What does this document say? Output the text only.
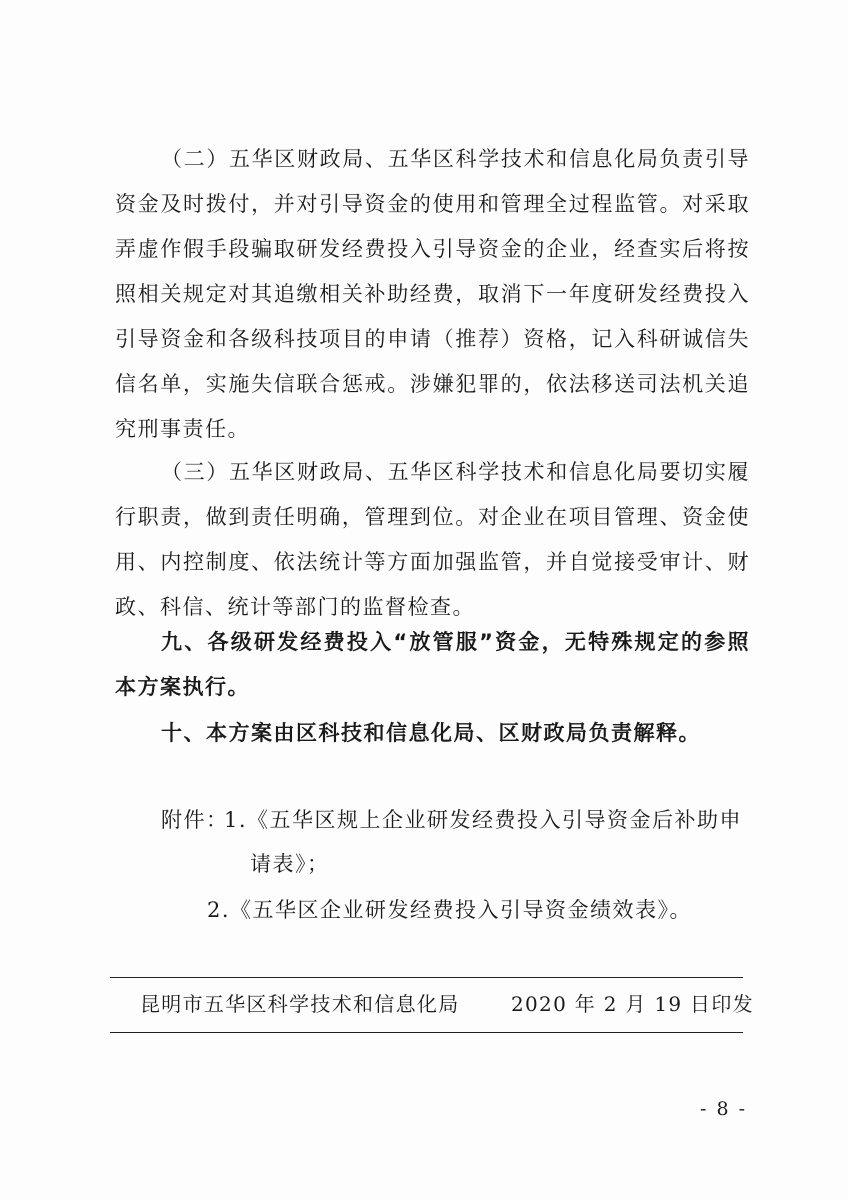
（二）五华区财政局、五华区科学技术和信息化局负责引导资金及时拨付，并对引导资金的使用和管理全过程监管。对采取弄虚作假手段骗取研发经费投入引导资金的企业，经查实后将按照相关规定对其追缴相关补助经费，取消下一年度研发经费投入引导资金和各级科技项目的申请（推荐）资格，记入科研诚信失信名单，实施失信联合惩戒。涉嫌犯罪的，依法移送司法机关追究刑事责任。

（三）五华区财政局、五华区科学技术和信息化局要切实履行职责，做到责任明确，管理到位。对企业在项目管理、资金使用、内控制度、依法统计等方面加强监管，并自觉接受审计、财政、科信、统计等部门的监督检查。

九、各级研发经费投入“放管服”资金，无特殊规定的参照本方案执行。

十、本方案由区科技和信息化局、区财政局负责解释。

附件：
1.《五华区规上企业研发经费投入引导资金后补助申
请表》；
2.《五华区企业研发经费投入引导资金绩效表》。
昆明市五华区科学技术和信息化局	2020 年 2 月 19 日印发
- 8 -
